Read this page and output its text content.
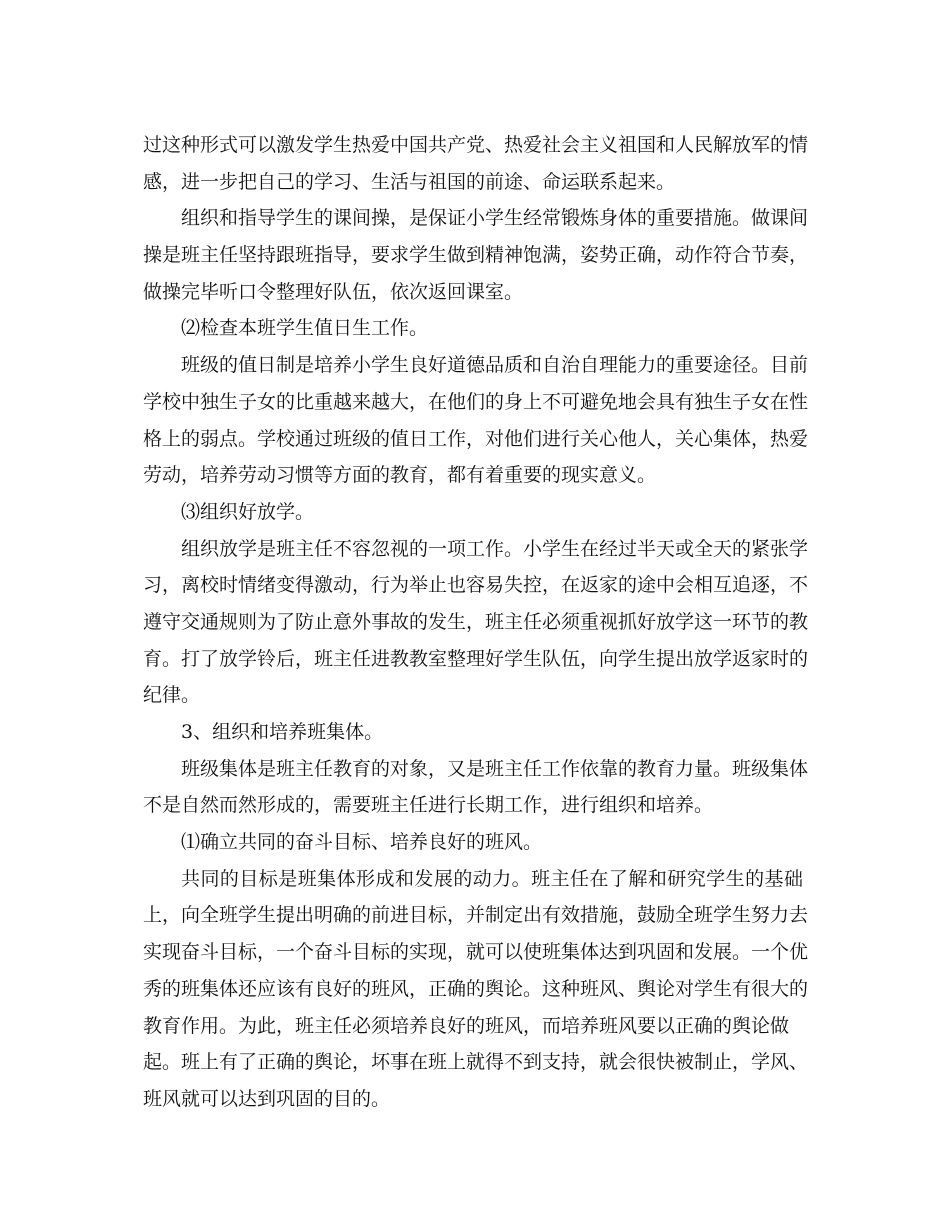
过这种形式可以激发学生热爱中国共产党、热爱社会主义祖国和人民解放军的情
感，进一步把自己的学习、生活与祖国的前途、命运联系起来。
组织和指导学生的课间操，是保证小学生经常锻炼身体的重要措施。做课间
操是班主任坚持跟班指导，要求学生做到精神饱满，姿势正确，动作符合节奏，
做操完毕听口令整理好队伍，依次返回课室。
⑵检查本班学生值日生工作。
班级的值日制是培养小学生良好道德品质和自治自理能力的重要途径。目前
学校中独生子女的比重越来越大，在他们的身上不可避免地会具有独生子女在性
格上的弱点。学校通过班级的值日工作，对他们进行关心他人，关心集体，热爱
劳动，培养劳动习惯等方面的教育，都有着重要的现实意义。
⑶组织好放学。
组织放学是班主任不容忽视的一项工作。小学生在经过半天或全天的紧张学
习，离校时情绪变得激动，行为举止也容易失控，在返家的途中会相互追逐，不
遵守交通规则为了防止意外事故的发生，班主任必须重视抓好放学这一环节的教
育。打了放学铃后，班主任进教教室整理好学生队伍，向学生提出放学返家时的
纪律。
3、组织和培养班集体。
班级集体是班主任教育的对象，又是班主任工作依靠的教育力量。班级集体
不是自然而然形成的，需要班主任进行长期工作，进行组织和培养。
⑴确立共同的奋斗目标、培养良好的班风。
共同的目标是班集体形成和发展的动力。班主任在了解和研究学生的基础
上，向全班学生提出明确的前进目标，并制定出有效措施，鼓励全班学生努力去
实现奋斗目标，一个奋斗目标的实现，就可以使班集体达到巩固和发展。一个优
秀的班集体还应该有良好的班风，正确的舆论。这种班风、舆论对学生有很大的
教育作用。为此，班主任必须培养良好的班风，而培养班风要以正确的舆论做
起。班上有了正确的舆论，坏事在班上就得不到支持，就会很快被制止，学风、
班风就可以达到巩固的目的。
